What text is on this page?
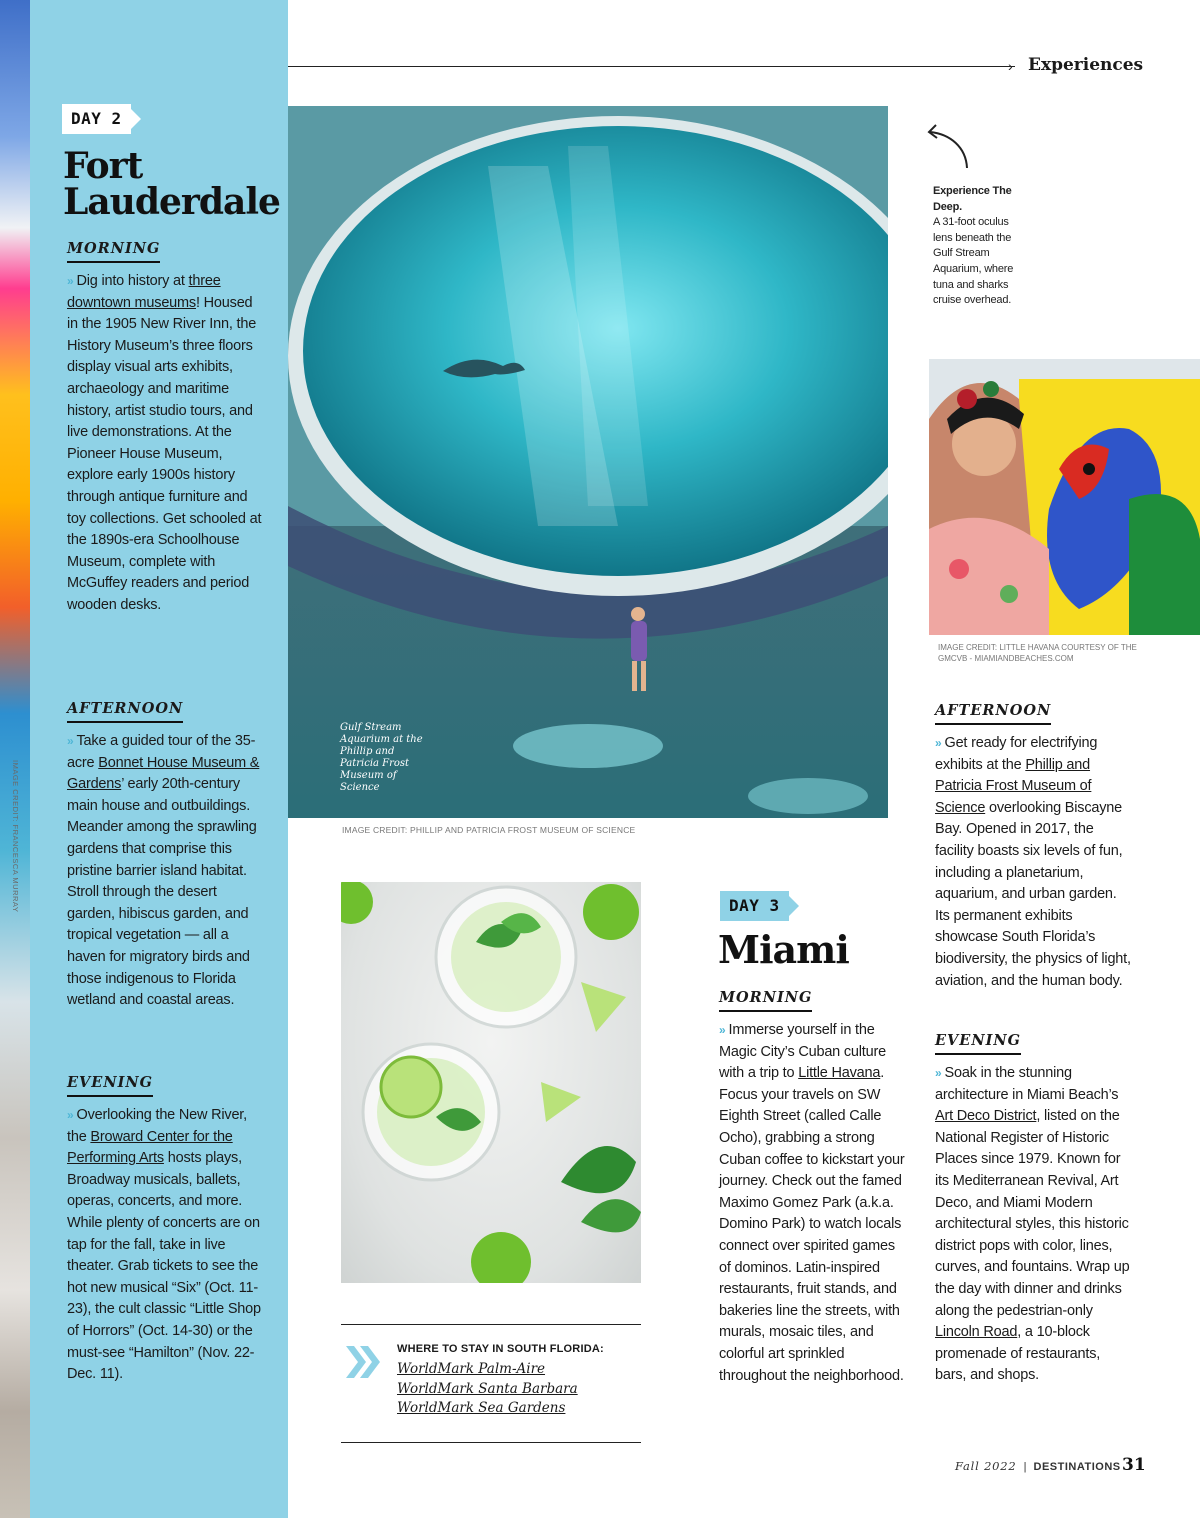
IMAGE CREDIT: FRANCESCA MURRAY
DAY 2
Fort Lauderdale
MORNING
» Dig into history at three downtown museums! Housed in the 1905 New River Inn, the History Museum’s three floors display visual arts exhibits, archaeology and maritime history, artist studio tours, and live demonstrations. At the Pioneer House Museum, explore early 1900s history through antique furniture and toy collections. Get schooled at the 1890s-era Schoolhouse Museum, complete with McGuffey readers and period wooden desks.
AFTERNOON
» Take a guided tour of the 35-acre Bonnet House Museum & Gardens’ early 20th-century main house and outbuildings. Meander among the sprawling gardens that comprise this pristine barrier island habitat. Stroll through the desert garden, hibiscus garden, and tropical vegetation — all a haven for migratory birds and those indigenous to Florida wetland and coastal areas.
EVENING
» Overlooking the New River, the Broward Center for the Performing Arts hosts plays, Broadway musicals, ballets, operas, concerts, and more. While plenty of concerts are on tap for the fall, take in live theater. Grab tickets to see the hot new musical “Six” (Oct. 11-23), the cult classic “Little Shop of Horrors” (Oct. 14-30) or the must-see “Hamilton” (Nov. 22-Dec. 11).
› Experiences
Gulf Stream Aquarium at the Phillip and Patricia Frost Museum of Science
IMAGE CREDIT: PHILLIP AND PATRICIA FROST MUSEUM OF SCIENCE
Experience The Deep.
A 31-foot oculus lens beneath the Gulf Stream Aquarium, where tuna and sharks cruise overhead.
IMAGE CREDIT: LITTLE HAVANA COURTESY OF THE GMCVB - MIAMIANDBEACHES.COM
WHERE TO STAY IN SOUTH FLORIDA:
WorldMark Palm-Aire
WorldMark Santa Barbara
WorldMark Sea Gardens
DAY 3
Miami
MORNING
» Immerse yourself in the Magic City’s Cuban culture with a trip to Little Havana. Focus your travels on SW Eighth Street (called Calle Ocho), grabbing a strong Cuban coffee to kickstart your journey. Check out the famed Maximo Gomez Park (a.k.a. Domino Park) to watch locals connect over spirited games of dominos. Latin-inspired restaurants, fruit stands, and bakeries line the streets, with murals, mosaic tiles, and colorful art sprinkled throughout the neighborhood.
AFTERNOON
» Get ready for electrifying exhibits at the Phillip and Patricia Frost Museum of Science overlooking Biscayne Bay. Opened in 2017, the facility boasts six levels of fun, including a planetarium, aquarium, and urban garden. Its permanent exhibits showcase South Florida’s biodiversity, the physics of light, aviation, and the human body.
EVENING
» Soak in the stunning architecture in Miami Beach’s Art Deco District, listed on the National Register of Historic Places since 1979. Known for its Mediterranean Revival, Art Deco, and Miami Modern architectural styles, this historic district pops with color, lines, curves, and fountains. Wrap up the day with dinner and drinks along the pedestrian-only Lincoln Road, a 10-block promenade of restaurants, bars, and shops.
Fall 2022 | DESTINATIONS 31
